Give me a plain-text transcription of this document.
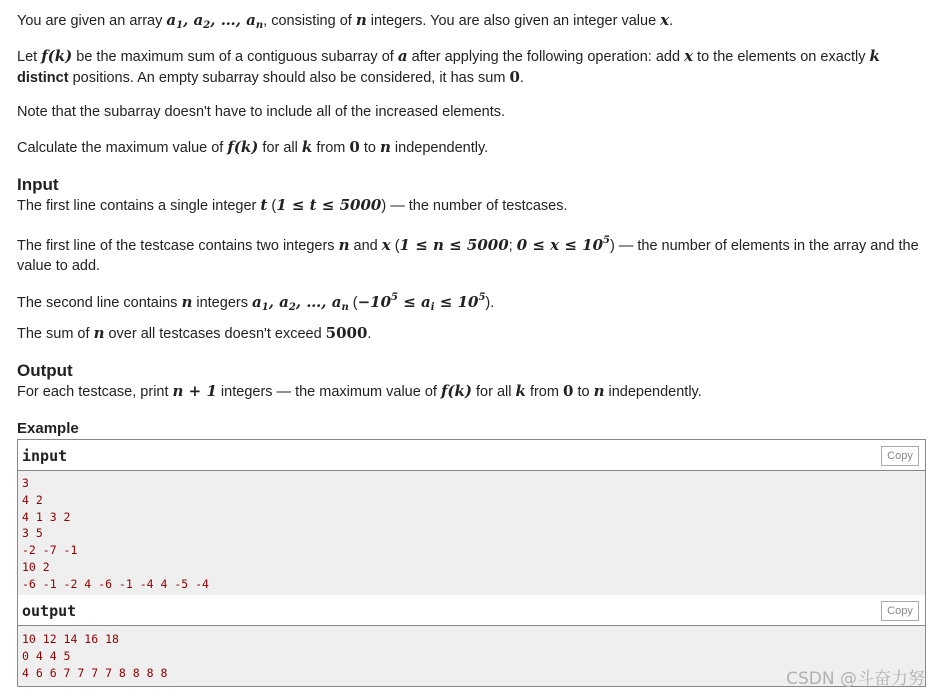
You are given an array $a_1$, $a_2$, …, $a_n$, consisting of n integers. You are also given an integer value x.

Let f(k) be the maximum sum of a contiguous subarray of a after applying the following operation: add x to the elements on exactly k
distinct positions. An empty subarray should also be considered, it has sum 0.

Note that the subarray doesn't have to include all of the increased elements.

Calculate the maximum value of f(k) for all k from 0 to n independently.

Input

The first line contains a single integer t (1 ≤ t ≤ 5000) — the number of testcases.

The first line of the testcase contains two integers n and x (1 ≤ n ≤ 5000; $0 \le x \le 10^5$) — the number of elements in the array and the value to add.

The second line contains n integers $a_1$, $a_2$, …, $a_n$ $(-10^5 \le a_i \le 10^5)$.

The sum of n over all testcases doesn't exceed 5000.

Output

For each testcase, print n + 1 integers — the maximum value of f(k) for all k from 0 to n independently.

Example
input	Copy
3
4 2
4 1 3 2
3 5
-2 -7 -1
10 2
-6 -1 -2 4 -6 -1 -4 4 -5 -4
output	Copy
10 12 14 16 18
0 4 4 5
4 6 6 7 7 7 7 8 8 8 8	CSDN @斗奋力努
